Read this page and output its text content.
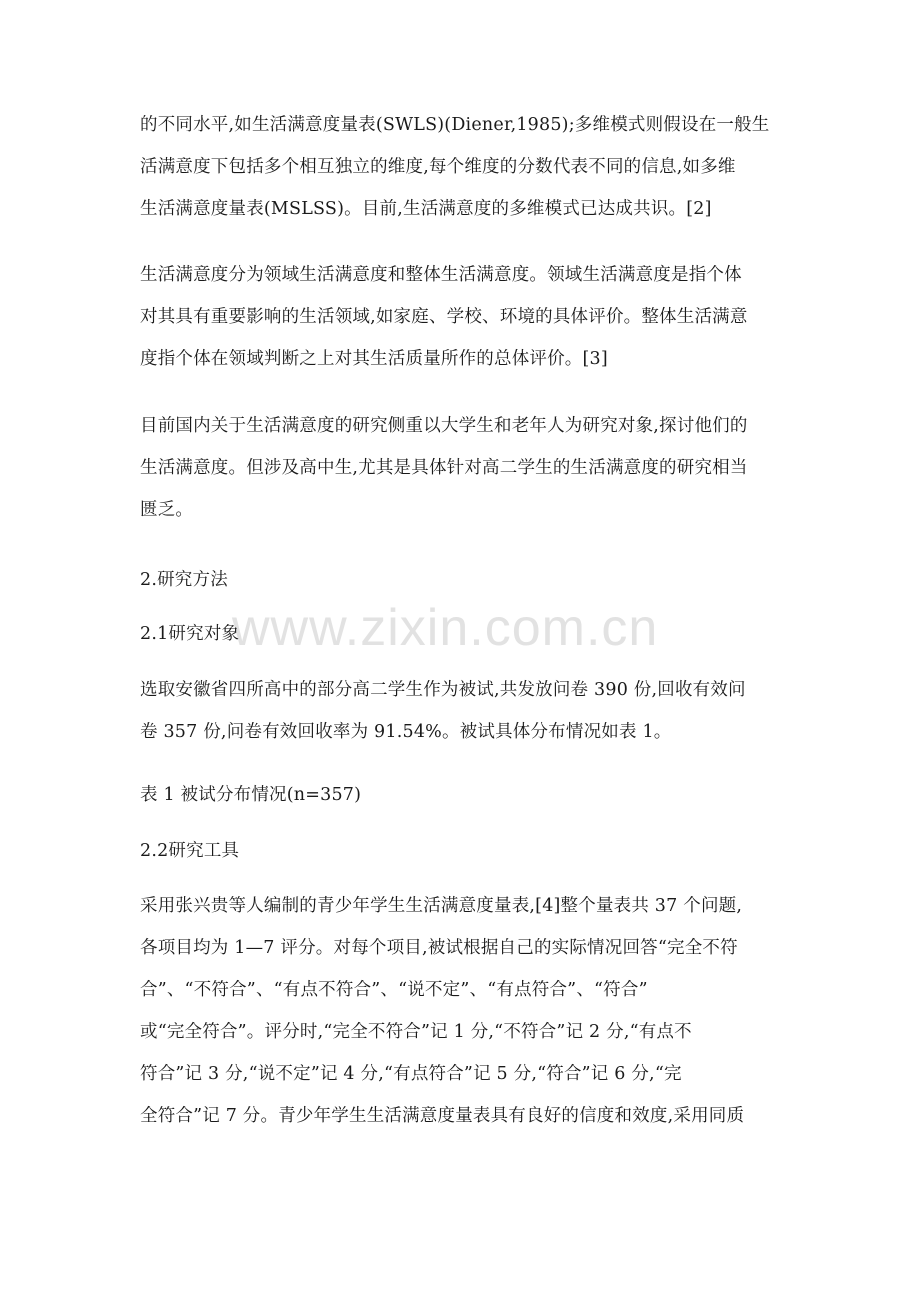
www.zixin.com.cn
的不同水平,如生活满意度量表(SWLS)(Diener,1985);多维模式则假设在一般生
活满意度下包括多个相互独立的维度,每个维度的分数代表不同的信息,如多维
生活满意度量表(MSLSS)。目前,生活满意度的多维模式已达成共识。[2]
生活满意度分为领域生活满意度和整体生活满意度。领域生活满意度是指个体
对其具有重要影响的生活领域,如家庭、学校、环境的具体评价。整体生活满意
度指个体在领域判断之上对其生活质量所作的总体评价。[3]
目前国内关于生活满意度的研究侧重以大学生和老年人为研究对象,探讨他们的
生活满意度。但涉及高中生,尤其是具体针对高二学生的生活满意度的研究相当
匮乏。
2.研究方法
2.1研究对象
选取安徽省四所高中的部分高二学生作为被试,共发放问卷 390 份,回收有效问
卷 357 份,问卷有效回收率为 91.54%。被试具体分布情况如表 1。
表 1 被试分布情况(n=357)
2.2研究工具
采用张兴贵等人编制的青少年学生生活满意度量表,[4]整个量表共 37 个问题,
各项目均为 1—7 评分。对每个项目,被试根据自己的实际情况回答“完全不符
合”、“不符合”、“有点不符合”、“说不定”、“有点符合”、“符合”
或“完全符合”。评分时,“完全不符合”记 1 分,“不符合”记 2 分,“有点不
符合”记 3 分,“说不定”记 4 分,“有点符合”记 5 分,“符合”记 6 分,“完
全符合”记 7 分。青少年学生生活满意度量表具有良好的信度和效度,采用同质
